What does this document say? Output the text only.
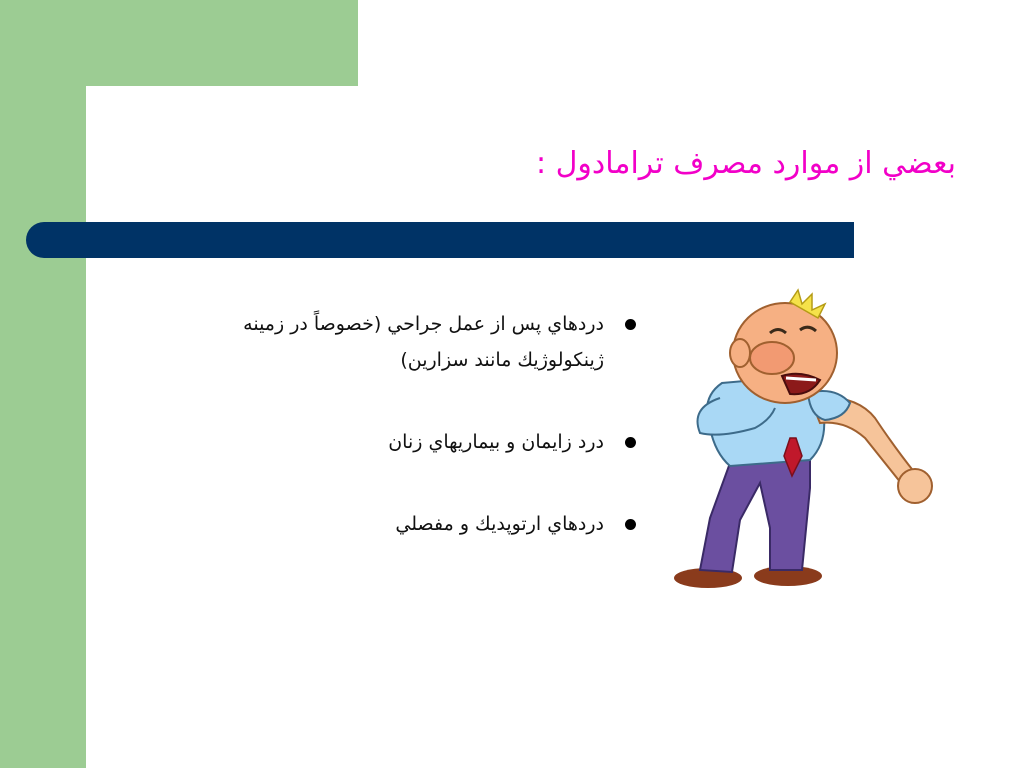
بعضي از موارد مصرف ترامادول :
دردهاي پس از عمل جراحي (خصوصاً در زمينه ژينكولوژيك مانند سزارين)
درد زايمان و بيماريهاي زنان
دردهاي ارتوپديك و مفصلي
